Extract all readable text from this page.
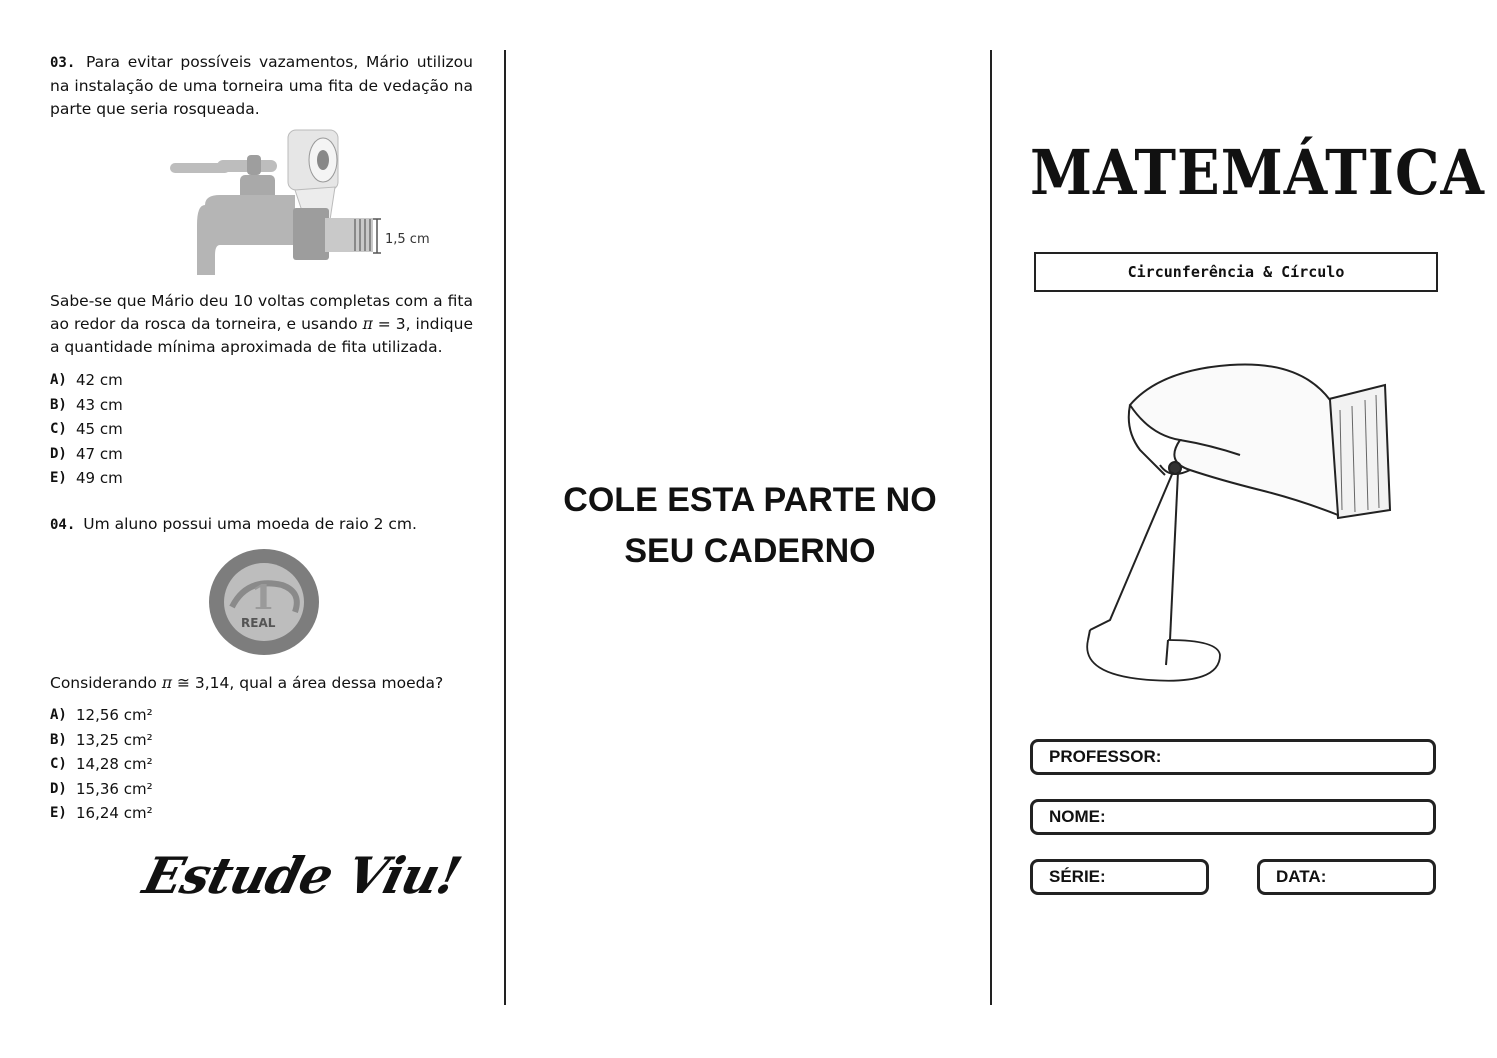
03. Para evitar possíveis vazamentos, Mário utilizou na instalação de uma torneira uma fita de vedação na parte que seria rosqueada.
1,5 cm
Sabe-se que Mário deu 10 voltas completas com a fita ao redor da rosca da torneira, e usando π = 3, indique a quantidade mínima aproximada de fita utilizada.
A) 42 cm
B) 43 cm
C) 45 cm
D) 47 cm
E) 49 cm
04. Um aluno possui uma moeda de raio 2 cm.
1
REAL
Considerando π ≅ 3,14, qual a área dessa moeda?
A) 12,56 cm²
B) 13,25 cm²
C) 14,28 cm²
D) 15,36 cm²
E) 16,24 cm²
Estude Viu!
COLE ESTA PARTE NO
SEU CADERNO
MATEMÁTICA
Circunferência & Círculo
PROFESSOR:
NOME:
SÉRIE:	DATA:
